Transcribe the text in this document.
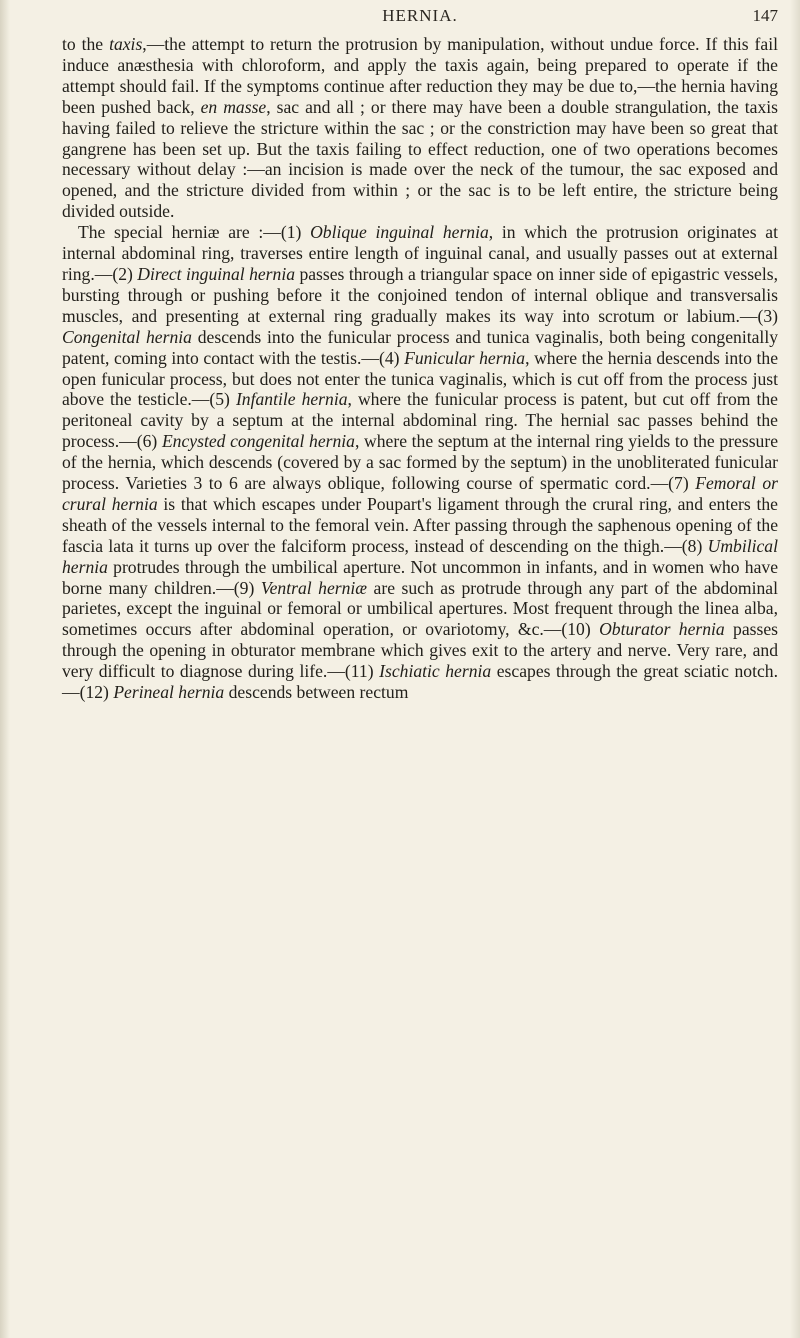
HERNIA.	147

to the taxis,—the attempt to return the protrusion by manipulation, without undue force. If this fail induce anæsthesia with chloroform, and apply the taxis again, being prepared to operate if the attempt should fail. If the symptoms continue after reduction they may be due to,—the hernia having been pushed back, en masse, sac and all ; or there may have been a double strangulation, the taxis having failed to relieve the stricture within the sac ; or the constriction may have been so great that gangrene has been set up. But the taxis failing to effect reduction, one of two operations becomes necessary without delay :—an incision is made over the neck of the tumour, the sac exposed and opened, and the stricture divided from within ; or the sac is to be left entire, the stricture being divided outside.

The special herniæ are :—(1) Oblique inguinal hernia, in which the protrusion originates at internal abdominal ring, traverses entire length of inguinal canal, and usually passes out at external ring.—(2) Direct inguinal hernia passes through a triangular space on inner side of epigastric vessels, bursting through or pushing before it the conjoined tendon of internal oblique and transversalis muscles, and presenting at external ring gradually makes its way into scrotum or labium.—(3) Congenital hernia descends into the funicular process and tunica vaginalis, both being congenitally patent, coming into contact with the testis.—(4) Funicular hernia, where the hernia descends into the open funicular process, but does not enter the tunica vaginalis, which is cut off from the process just above the testicle.—(5) Infantile hernia, where the funicular process is patent, but cut off from the peritoneal cavity by a septum at the internal abdominal ring. The hernial sac passes behind the process.—(6) Encysted congenital hernia, where the septum at the internal ring yields to the pressure of the hernia, which descends (covered by a sac formed by the septum) in the unobliterated funicular process. Varieties 3 to 6 are always oblique, following course of spermatic cord.—(7) Femoral or crural hernia is that which escapes under Poupart's ligament through the crural ring, and enters the sheath of the vessels internal to the femoral vein. After passing through the saphenous opening of the fascia lata it turns up over the falciform process, instead of descending on the thigh.—(8) Umbilical hernia protrudes through the umbilical aperture. Not uncommon in infants, and in women who have borne many children.—(9) Ventral herniæ are such as protrude through any part of the abdominal parietes, except the inguinal or femoral or umbilical apertures. Most frequent through the linea alba, sometimes occurs after abdominal operation, or ovariotomy, &c.—(10) Obturator hernia passes through the opening in obturator membrane which gives exit to the artery and nerve. Very rare, and very difficult to diagnose during life.—(11) Ischiatic hernia escapes through the great sciatic notch.—(12) Perineal hernia descends between rectum
